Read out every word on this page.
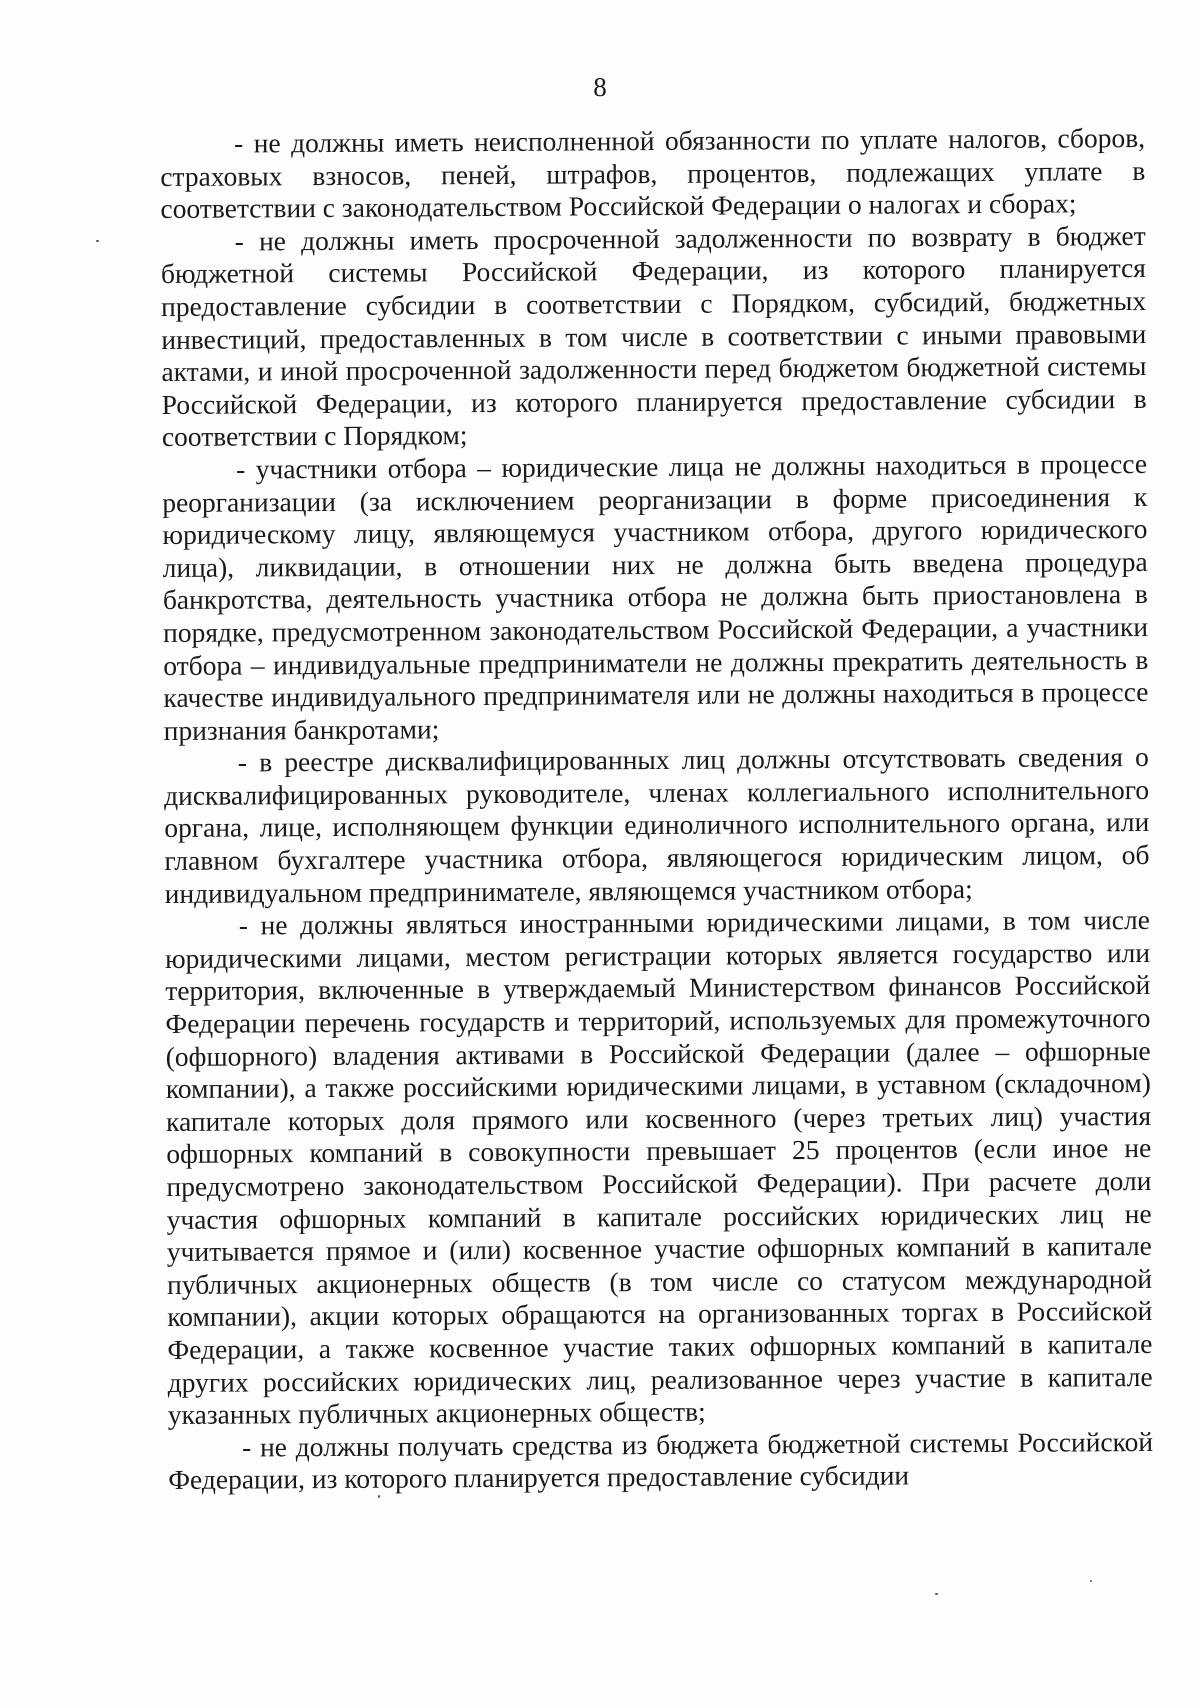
8

- не должны иметь неисполненной обязанности по уплате налогов, сборов, страховых взносов, пеней, штрафов, процентов, подлежащих уплате в соответствии с законодательством Российской Федерации о налогах и сборах;

- не должны иметь просроченной задолженности по возврату в бюджет бюджетной системы Российской Федерации, из которого планируется предоставление субсидии в соответствии с Порядком, субсидий, бюджетных инвестиций, предоставленных в том числе в соответствии с иными правовыми актами, и иной просроченной задолженности перед бюджетом бюджетной системы Российской Федерации, из которого планируется предоставление субсидии в соответствии с Порядком;

- участники отбора – юридические лица не должны находиться в процессе реорганизации (за исключением реорганизации в форме присоединения к юридическому лицу, являющемуся участником отбора, другого юридического лица), ликвидации, в отношении них не должна быть введена процедура банкротства, деятельность участника отбора не должна быть приостановлена в порядке, предусмотренном законодательством Российской Федерации, а участники отбора – индивидуальные предприниматели не должны прекратить деятельность в качестве индивидуального предпринимателя или не должны находиться в процессе признания банкротами;

- в реестре дисквалифицированных лиц должны отсутствовать сведения о дисквалифицированных руководителе, членах коллегиального исполнительного органа, лице, исполняющем функции единоличного исполнительного органа, или главном бухгалтере участника отбора, являющегося юридическим лицом, об индивидуальном предпринимателе, являющемся участником отбора;

- не должны являться иностранными юридическими лицами, в том числе юридическими лицами, местом регистрации которых является государство или территория, включенные в утверждаемый Министерством финансов Российской Федерации перечень государств и территорий, используемых для промежуточного (офшорного) владения активами в Российской Федерации (далее – офшорные компании), а также российскими юридическими лицами, в уставном (складочном) капитале которых доля прямого или косвенного (через третьих лиц) участия офшорных компаний в совокупности превышает 25 процентов (если иное не предусмотрено законодательством Российской Федерации). При расчете доли участия офшорных компаний в капитале российских юридических лиц не учитывается прямое и (или) косвенное участие офшорных компаний в капитале публичных акционерных обществ (в том числе со статусом международной компании), акции которых обращаются на организованных торгах в Российской Федерации, а также косвенное участие таких офшорных компаний в капитале других российских юридических лиц, реализованное через участие в капитале указанных публичных акционерных обществ;

- не должны получать средства из бюджета бюджетной системы Российской Федерации, из которого планируется предоставление субсидии
